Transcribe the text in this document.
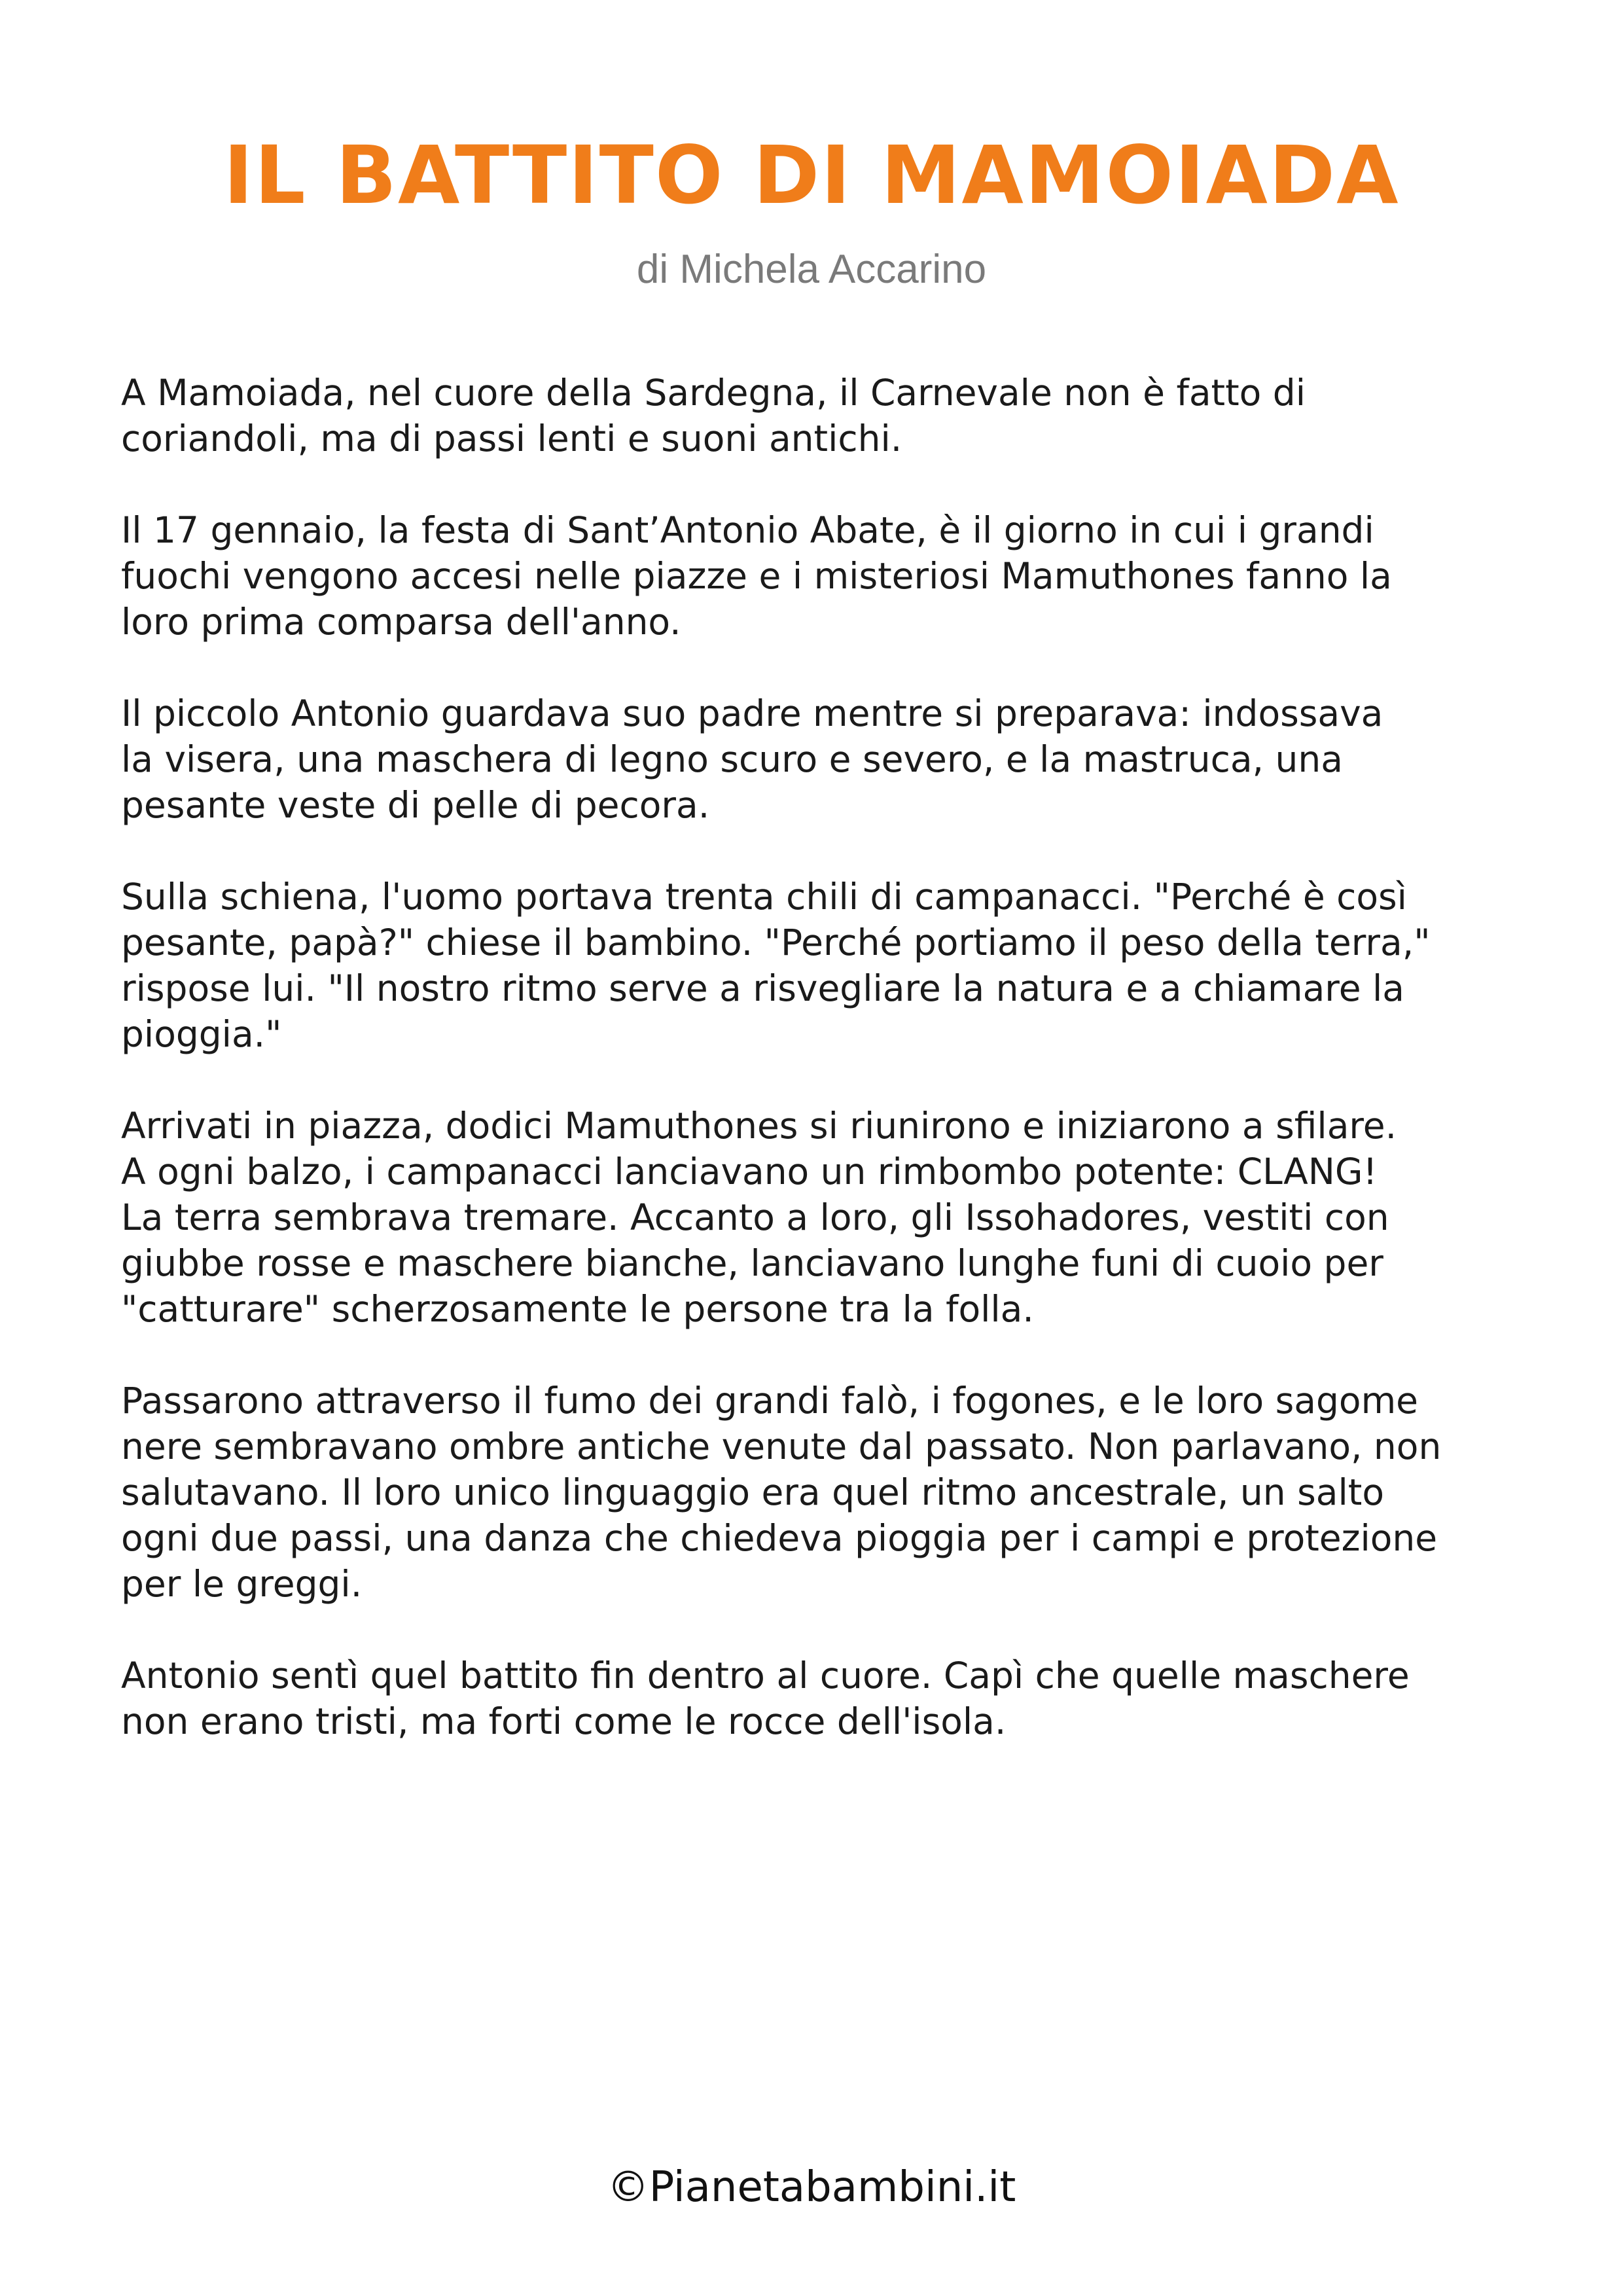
IL BATTITO DI MAMOIADA
di Michela Accarino

A Mamoiada, nel cuore della Sardegna, il Carnevale non è fatto di
coriandoli, ma di passi lenti e suoni antichi.

Il 17 gennaio, la festa di Sant’Antonio Abate, è il giorno in cui i grandi
fuochi vengono accesi nelle piazze e i misteriosi Mamuthones fanno la
loro prima comparsa dell'anno.

Il piccolo Antonio guardava suo padre mentre si preparava: indossava
la visera, una maschera di legno scuro e severo, e la mastruca, una
pesante veste di pelle di pecora.

Sulla schiena, l'uomo portava trenta chili di campanacci. "Perché è così
pesante, papà?" chiese il bambino. "Perché portiamo il peso della terra,"
rispose lui. "Il nostro ritmo serve a risvegliare la natura e a chiamare la
pioggia."

Arrivati in piazza, dodici Mamuthones si riunirono e iniziarono a sfilare.
A ogni balzo, i campanacci lanciavano un rimbombo potente: CLANG!
La terra sembrava tremare. Accanto a loro, gli Issohadores, vestiti con
giubbe rosse e maschere bianche, lanciavano lunghe funi di cuoio per
"catturare" scherzosamente le persone tra la folla.

Passarono attraverso il fumo dei grandi falò, i fogones, e le loro sagome
nere sembravano ombre antiche venute dal passato. Non parlavano, non
salutavano. Il loro unico linguaggio era quel ritmo ancestrale, un salto
ogni due passi, una danza che chiedeva pioggia per i campi e protezione
per le greggi.

Antonio sentì quel battito fin dentro al cuore. Capì che quelle maschere
non erano tristi, ma forti come le rocce dell'isola.

©Pianetabambini.it
